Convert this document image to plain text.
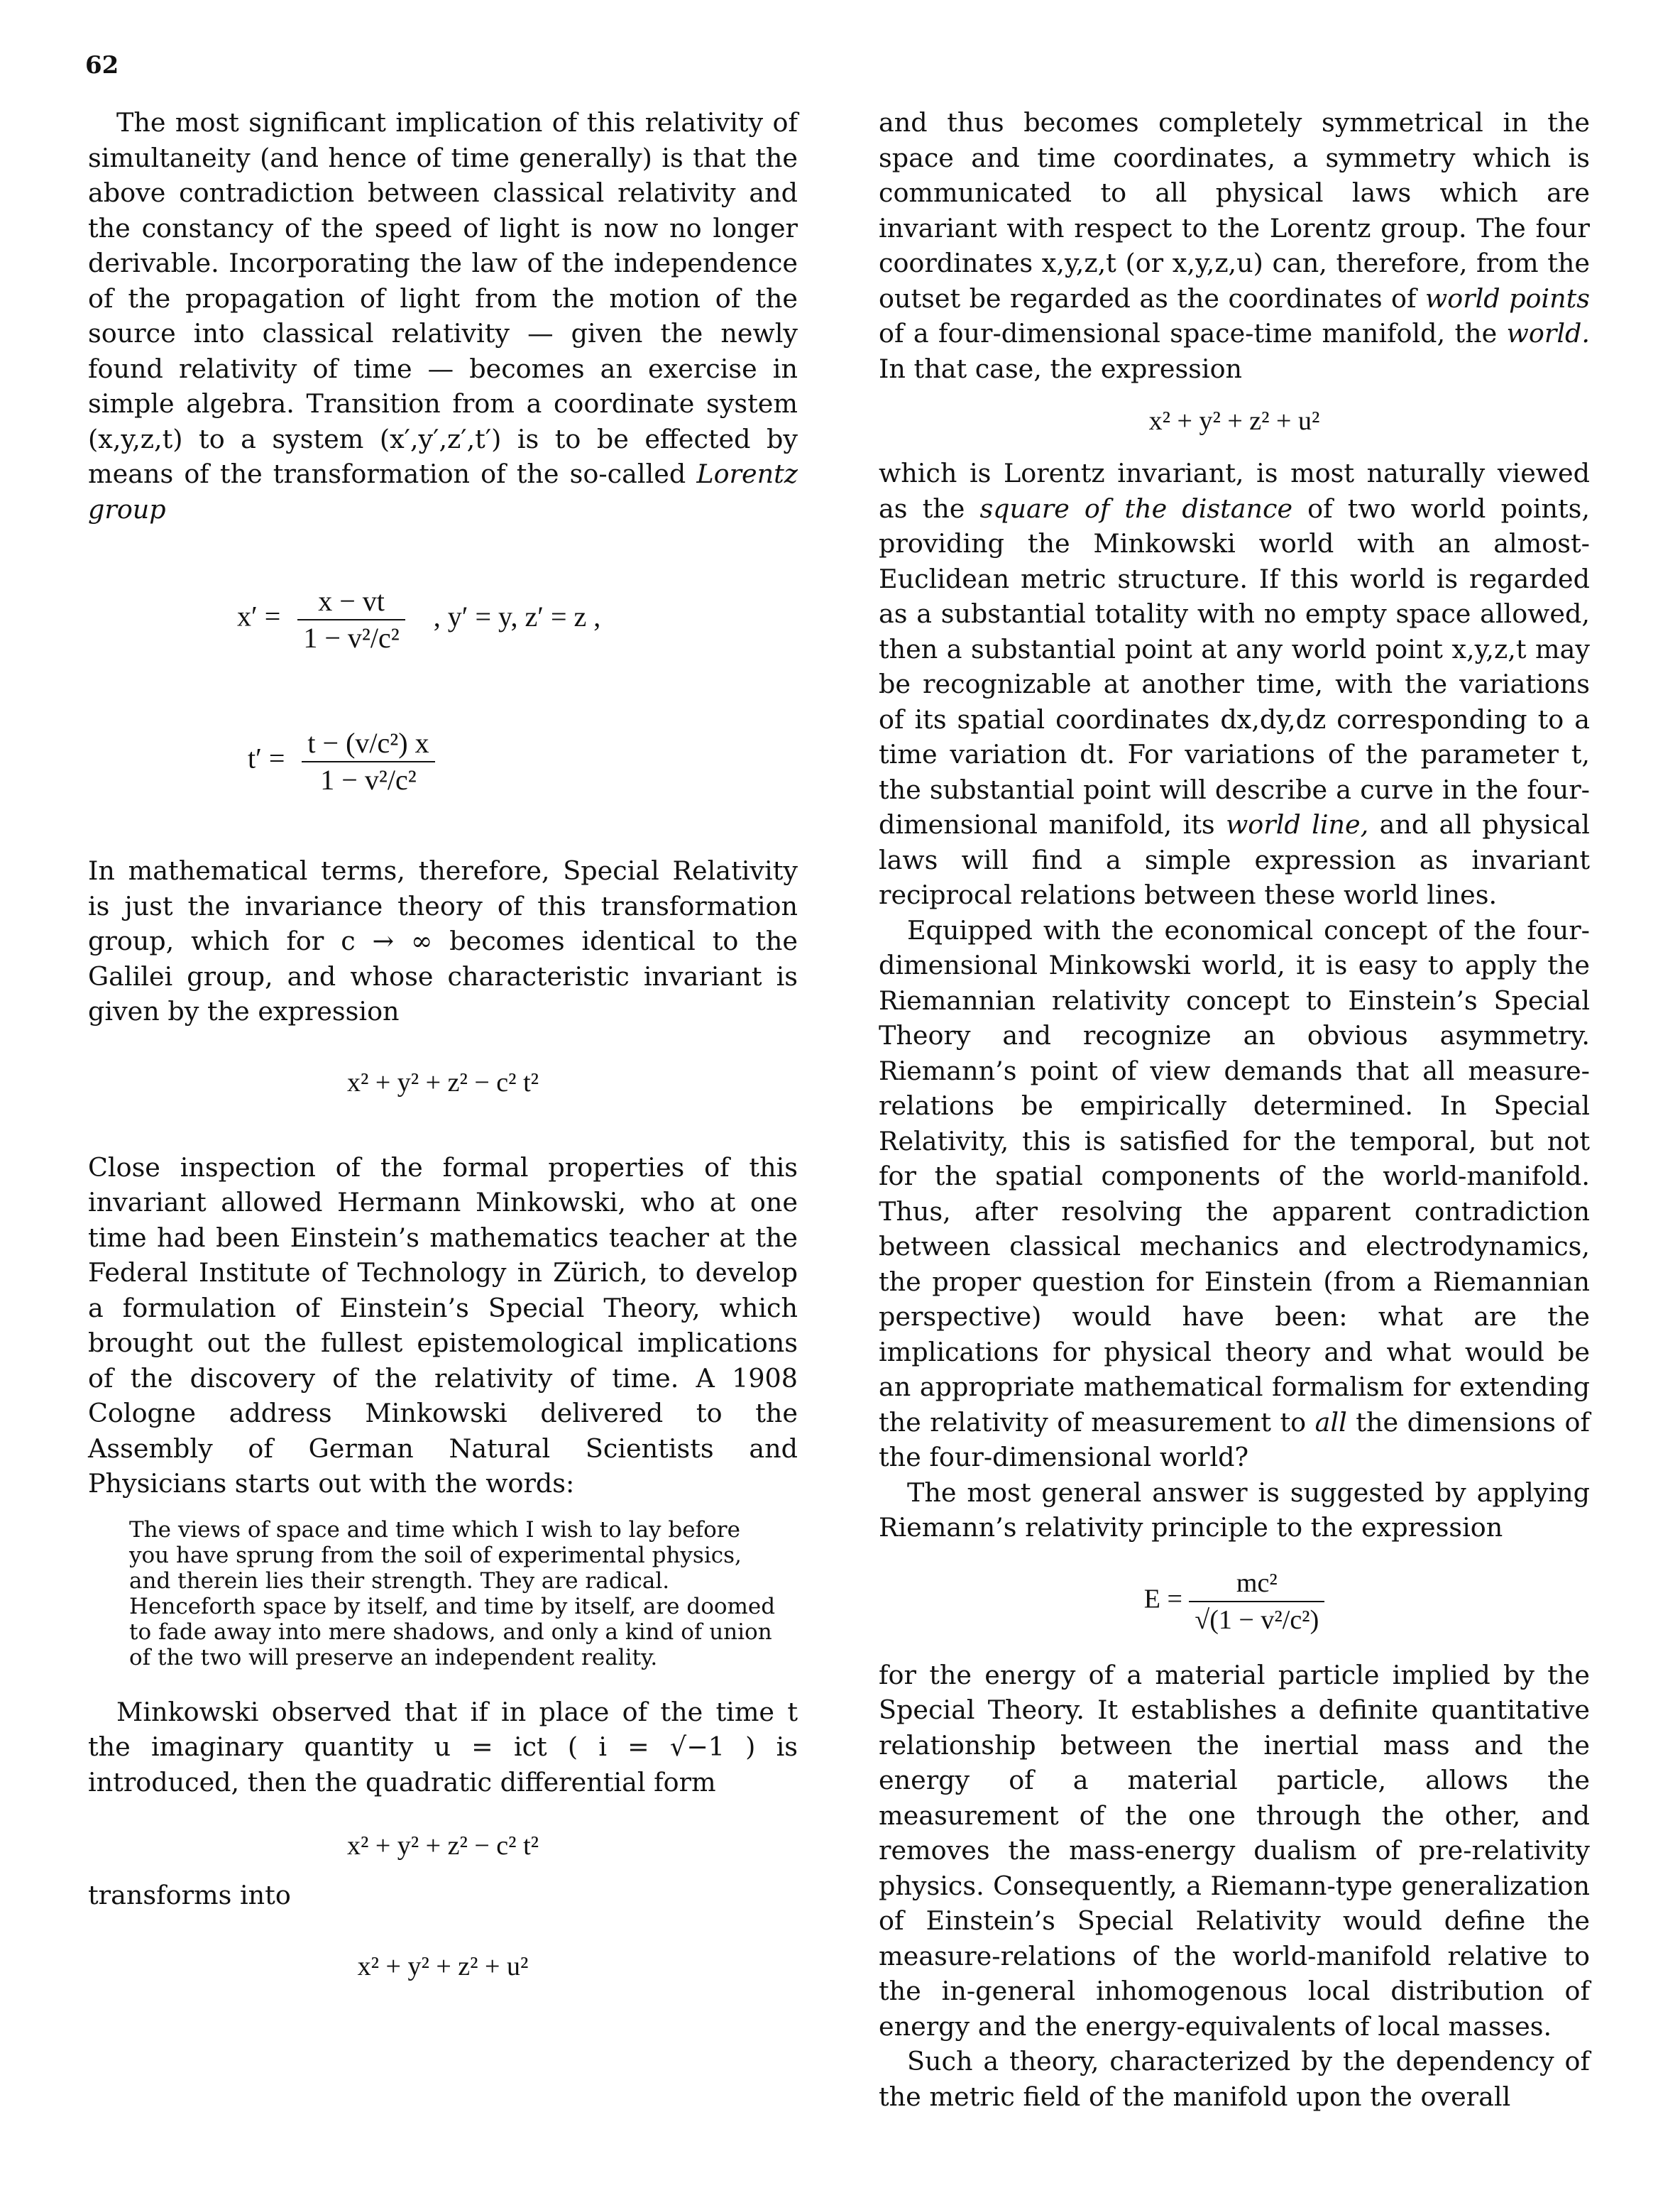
62

The most significant implication of this relativity of simultaneity (and hence of time generally) is that the above contradiction between classical relativity and the constancy of the speed of light is now no longer derivable. Incorporating the law of the independence of the propagation of light from the motion of the source into classical relativity — given the newly found relativity of time — becomes an exercise in simple algebra. Transition from a coordinate system (x,y,z,t) to a system (x′,y′,z′,t′) is to be effected by means of the transformation of the so-called Lorentz group

$x' = \frac{x - vt}{\text{1 − v²/c²}}$ , y′ = y, z′ = z ,
$t' = \frac{\text{t − (v/c²) x}}{\text{1 − v²/c²}}$

In mathematical terms, therefore, Special Relativity is just the invariance theory of this transformation group, which for c → ∞ becomes identical to the Galilei group, and whose characteristic invariant is given by the expression

x² + y² + z² − c² t²

Close inspection of the formal properties of this invariant allowed Hermann Minkowski, who at one time had been Einstein’s mathematics teacher at the Federal Institute of Technology in Zürich, to develop a formulation of Einstein’s Special Theory, which brought out the fullest epistemological implications of the discovery of the relativity of time. A 1908 Cologne address Minkowski delivered to the Assembly of German Natural Scientists and Physicians starts out with the words:

The views of space and time which I wish to lay before you have sprung from the soil of experimental physics, and therein lies their strength. They are radical. Henceforth space by itself, and time by itself, are doomed to fade away into mere shadows, and only a kind of union of the two will preserve an independent reality.

Minkowski observed that if in place of the time t the imaginary quantity u = ict ( i = √−1 ) is introduced, then the quadratic differential form

x² + y² + z² − c² t²

transforms into

x² + y² + z² + u²

and thus becomes completely symmetrical in the space and time coordinates, a symmetry which is communicated to all physical laws which are invariant with respect to the Lorentz group. The four coordinates x,y,z,t (or x,y,z,u) can, therefore, from the outset be regarded as the coordinates of world points of a four-dimensional space-time manifold, the world. In that case, the expression

x² + y² + z² + u²

which is Lorentz invariant, is most naturally viewed as the square of the distance of two world points, providing the Minkowski world with an almost-Euclidean metric structure. If this world is regarded as a substantial totality with no empty space allowed, then a substantial point at any world point x,y,z,t may be recognizable at another time, with the variations of its spatial coordinates dx,dy,dz corresponding to a time variation dt. For variations of the parameter t, the substantial point will describe a curve in the four-dimensional manifold, its world line, and all physical laws will find a simple expression as invariant reciprocal relations between these world lines.

Equipped with the economical concept of the four-dimensional Minkowski world, it is easy to apply the Riemannian relativity concept to Einstein’s Special Theory and recognize an obvious asymmetry. Riemann’s point of view demands that all measure-relations be empirically determined. In Special Relativity, this is satisfied for the temporal, but not for the spatial components of the world-manifold. Thus, after resolving the apparent contradiction between classical mechanics and electrodynamics, the proper question for Einstein (from a Riemannian perspective) would have been: what are the implications for physical theory and what would be an appropriate mathematical formalism for extending the relativity of measurement to all the dimensions of the four-dimensional world?

The most general answer is suggested by applying Riemann’s relativity principle to the expression

$E = \frac{\text{mc²}}{\text{√(1 − v²/c²)}}$

for the energy of a material particle implied by the Special Theory. It establishes a definite quantitative relationship between the inertial mass and the energy of a material particle, allows the measurement of the one through the other, and removes the mass-energy dualism of pre-relativity physics. Consequently, a Riemann-type generalization of Einstein’s Special Relativity would define the measure-relations of the world-manifold relative to the in-general inhomogenous local distribution of energy and the energy-equivalents of local masses.

Such a theory, characterized by the dependency of the metric field of the manifold upon the overall
